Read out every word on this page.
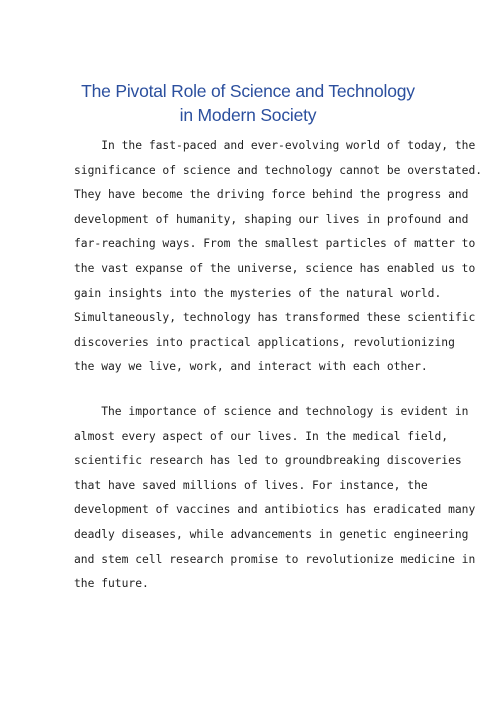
The Pivotal Role of Science and Technology
in Modern Society
In the fast-paced and ever-evolving world of today, the
significance of science and technology cannot be overstated.
They have become the driving force behind the progress and
development of humanity, shaping our lives in profound and
far-reaching ways. From the smallest particles of matter to
the vast expanse of the universe, science has enabled us to
gain insights into the mysteries of the natural world.
Simultaneously, technology has transformed these scientific
discoveries into practical applications, revolutionizing
the way we live, work, and interact with each other.
The importance of science and technology is evident in
almost every aspect of our lives. In the medical field,
scientific research has led to groundbreaking discoveries
that have saved millions of lives. For instance, the
development of vaccines and antibiotics has eradicated many
deadly diseases, while advancements in genetic engineering
and stem cell research promise to revolutionize medicine in
the future.
